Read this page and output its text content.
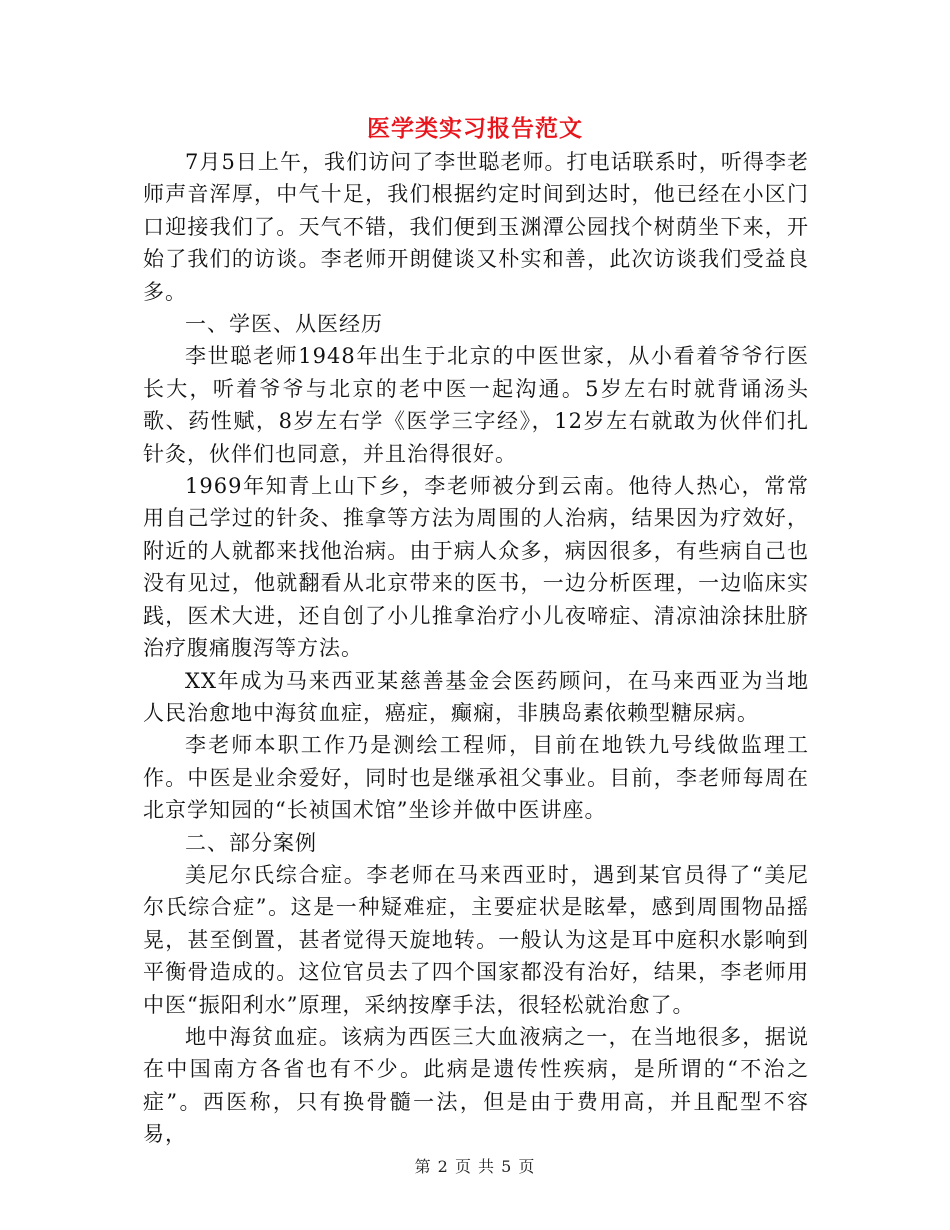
医学类实习报告范文

7月5日上午，我们访问了李世聪老师。打电话联系时，听得李老师声音浑厚，中气十足，我们根据约定时间到达时，他已经在小区门口迎接我们了。天气不错，我们便到玉渊潭公园找个树荫坐下来，开始了我们的访谈。李老师开朗健谈又朴实和善，此次访谈我们受益良多。

一、学医、从医经历

李世聪老师1948年出生于北京的中医世家，从小看着爷爷行医长大，听着爷爷与北京的老中医一起沟通。5岁左右时就背诵汤头歌、药性赋，8岁左右学《医学三字经》，12岁左右就敢为伙伴们扎针灸，伙伴们也同意，并且治得很好。

1969年知青上山下乡，李老师被分到云南。他待人热心，常常用自己学过的针灸、推拿等方法为周围的人治病，结果因为疗效好，附近的人就都来找他治病。由于病人众多，病因很多，有些病自己也没有见过，他就翻看从北京带来的医书，一边分析医理，一边临床实践，医术大进，还自创了小儿推拿治疗小儿夜啼症、清凉油涂抹肚脐治疗腹痛腹泻等方法。

XX年成为马来西亚某慈善基金会医药顾问，在马来西亚为当地人民治愈地中海贫血症，癌症，癫痫，非胰岛素依赖型糖尿病。

李老师本职工作乃是测绘工程师，目前在地铁九号线做监理工作。中医是业余爱好，同时也是继承祖父事业。目前，李老师每周在北京学知园的“长祯国术馆”坐诊并做中医讲座。

二、部分案例

美尼尔氏综合症。李老师在马来西亚时，遇到某官员得了“美尼尔氏综合症”。这是一种疑难症，主要症状是眩晕，感到周围物品摇晃，甚至倒置，甚者觉得天旋地转。一般认为这是耳中庭积水影响到平衡骨造成的。这位官员去了四个国家都没有治好，结果，李老师用中医“振阳利水”原理，采纳按摩手法，很轻松就治愈了。

地中海贫血症。该病为西医三大血液病之一，在当地很多，据说在中国南方各省也有不少。此病是遗传性疾病，是所谓的“不治之症”。西医称，只有换骨髓一法，但是由于费用高，并且配型不容易，

第 2 页 共 5 页
